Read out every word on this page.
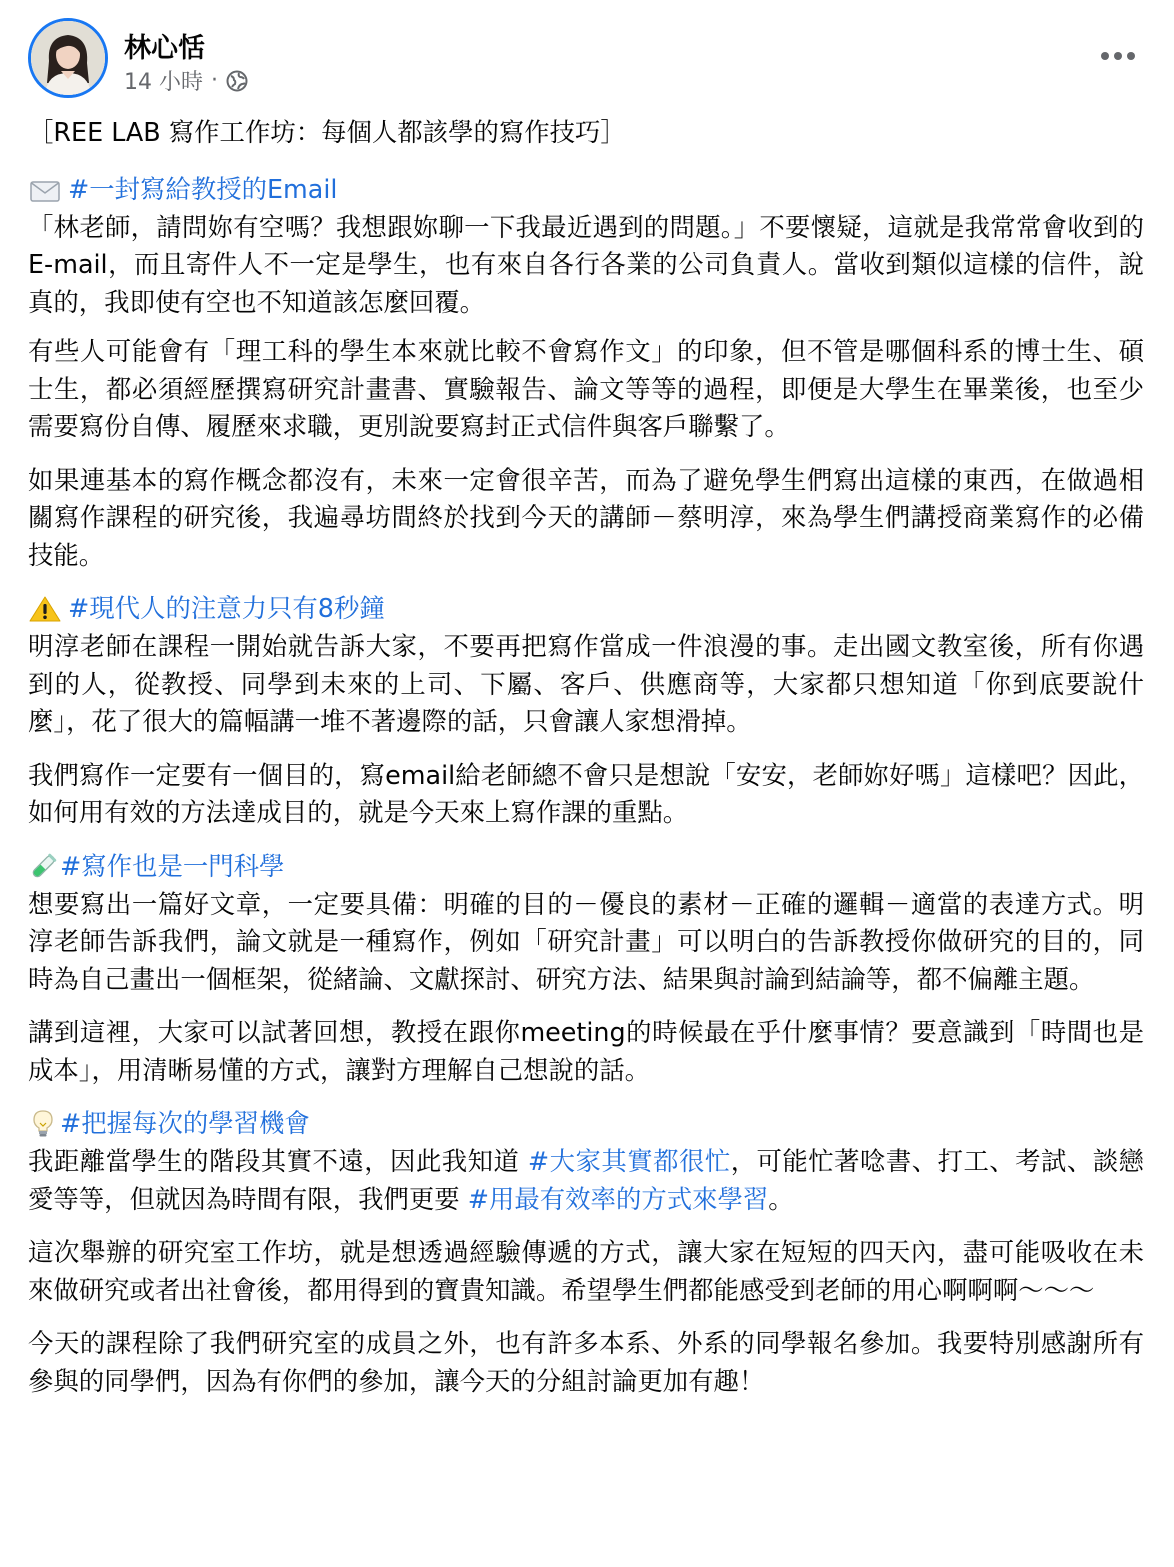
林心恬
14 小時 ·

［REE LAB 寫作工作坊：每個人都該學的寫作技巧］

#一封寫給教授的Email

「林老師，請問妳有空嗎？我想跟妳聊一下我最近遇到的問題。」不要懷疑，這就是我常常會收到的E-mail，而且寄件人不一定是學生，也有來自各行各業的公司負責人。當收到類似這樣的信件，說真的，我即使有空也不知道該怎麼回覆。

有些人可能會有「理工科的學生本來就比較不會寫作文」的印象，但不管是哪個科系的博士生、碩士生，都必須經歷撰寫研究計畫書、實驗報告、論文等等的過程，即便是大學生在畢業後，也至少需要寫份自傳、履歷來求職，更別說要寫封正式信件與客戶聯繫了。

如果連基本的寫作概念都沒有，未來一定會很辛苦，而為了避免學生們寫出這樣的東西，在做過相關寫作課程的研究後，我遍尋坊間終於找到今天的講師－蔡明淳，來為學生們講授商業寫作的必備技能。

#現代人的注意力只有8秒鐘

明淳老師在課程一開始就告訴大家，不要再把寫作當成一件浪漫的事。走出國文教室後，所有你遇到的人，從教授、同學到未來的上司、下屬、客戶、供應商等，大家都只想知道「你到底要說什麼」，花了很大的篇幅講一堆不著邊際的話，只會讓人家想滑掉。

我們寫作一定要有一個目的，寫email給老師總不會只是想說「安安，老師妳好嗎」這樣吧？因此，如何用有效的方法達成目的，就是今天來上寫作課的重點。

#寫作也是一門科學

想要寫出一篇好文章，一定要具備：明確的目的－優良的素材－正確的邏輯－適當的表達方式。明淳老師告訴我們，論文就是一種寫作，例如「研究計畫」可以明白的告訴教授你做研究的目的，同時為自己畫出一個框架，從緒論、文獻探討、研究方法、結果與討論到結論等，都不偏離主題。

講到這裡，大家可以試著回想，教授在跟你meeting的時候最在乎什麼事情？要意識到「時間也是成本」，用清晰易懂的方式，讓對方理解自己想說的話。

#把握每次的學習機會

我距離當學生的階段其實不遠，因此我知道 #大家其實都很忙，可能忙著唸書、打工、考試、談戀愛等等，但就因為時間有限，我們更要 #用最有效率的方式來學習。

這次舉辦的研究室工作坊，就是想透過經驗傳遞的方式，讓大家在短短的四天內，盡可能吸收在未來做研究或者出社會後，都用得到的寶貴知識。希望學生們都能感受到老師的用心啊啊啊～～～

今天的課程除了我們研究室的成員之外，也有許多本系、外系的同學報名參加。我要特別感謝所有參與的同學們，因為有你們的參加，讓今天的分組討論更加有趣！
